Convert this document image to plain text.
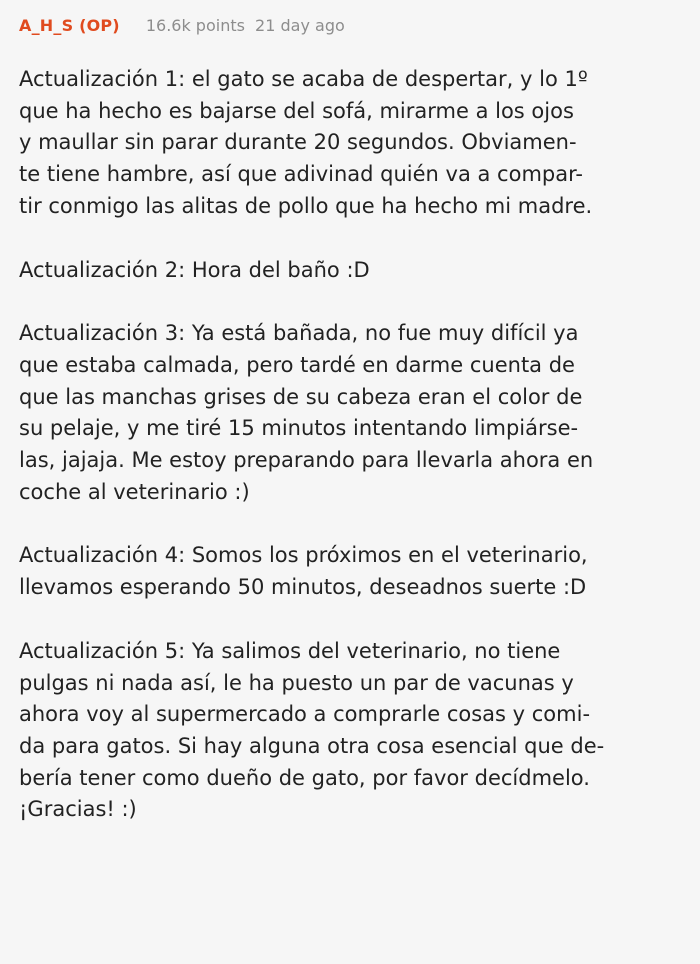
A_H_S (OP) 16.6k points 21 day ago
Actualización 1: el gato se acaba de despertar, y lo 1º
que ha hecho es bajarse del sofá, mirarme a los ojos
y maullar sin parar durante 20 segundos. Obviamen-
te tiene hambre, así que adivinad quién va a compar-
tir conmigo las alitas de pollo que ha hecho mi madre.
Actualización 2: Hora del baño :D
Actualización 3: Ya está bañada, no fue muy difícil ya
que estaba calmada, pero tardé en darme cuenta de
que las manchas grises de su cabeza eran el color de
su pelaje, y me tiré 15 minutos intentando limpiárse-
las, jajaja. Me estoy preparando para llevarla ahora en
coche al veterinario :)
Actualización 4: Somos los próximos en el veterinario,
llevamos esperando 50 minutos, deseadnos suerte :D
Actualización 5: Ya salimos del veterinario, no tiene
pulgas ni nada así, le ha puesto un par de vacunas y
ahora voy al supermercado a comprarle cosas y comi-
da para gatos. Si hay alguna otra cosa esencial que de-
bería tener como dueño de gato, por favor decídmelo.
¡Gracias! :)
